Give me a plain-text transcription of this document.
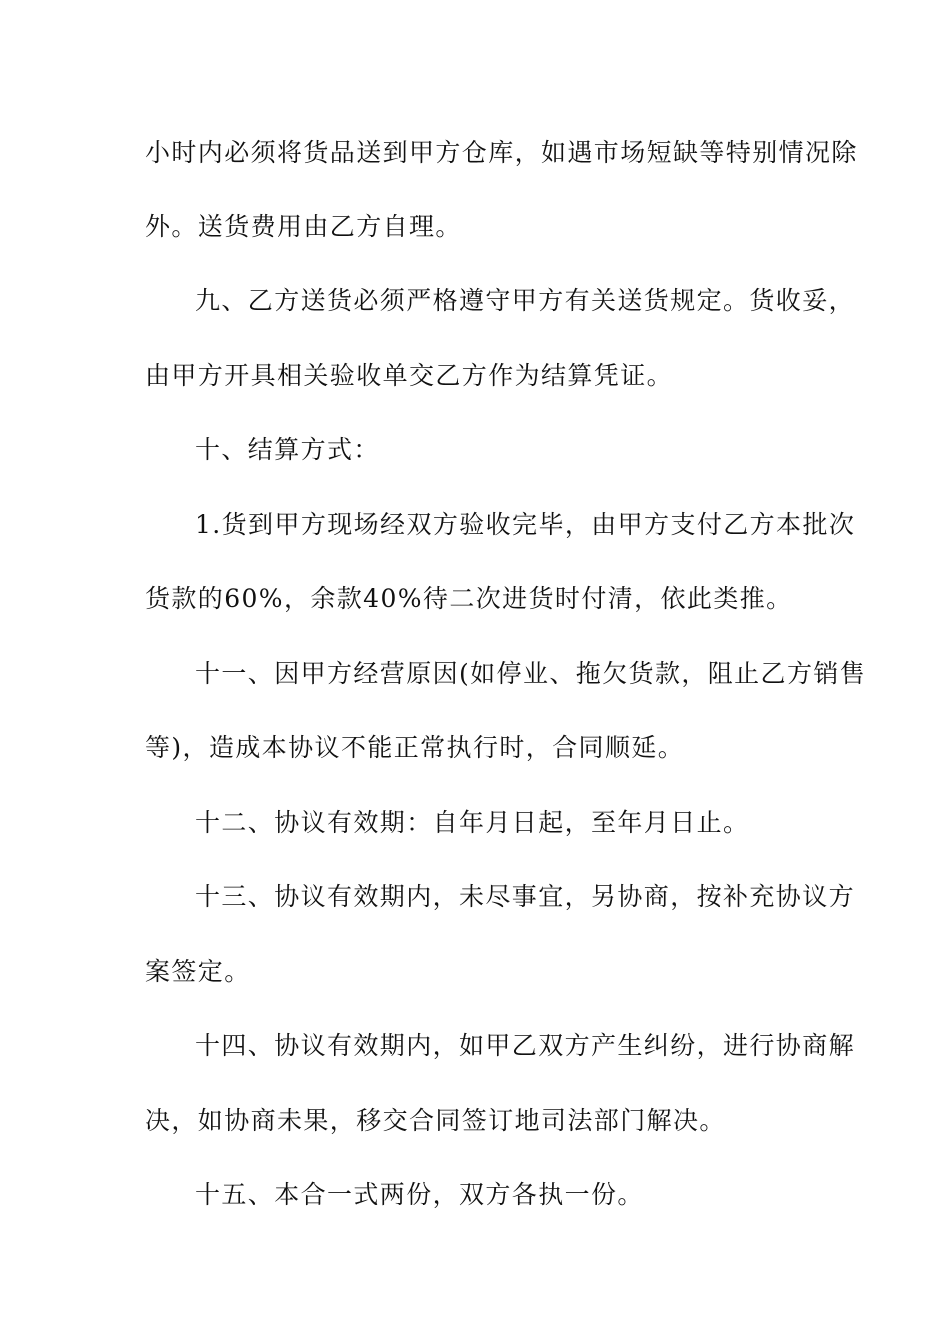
小时内必须将货品送到甲方仓库，如遇市场短缺等特别情况除
外。送货费用由乙方自理。
九、乙方送货必须严格遵守甲方有关送货规定。货收妥，
由甲方开具相关验收单交乙方作为结算凭证。
十、结算方式：
1.货到甲方现场经双方验收完毕，由甲方支付乙方本批次
货款的60%，余款40%待二次进货时付清，依此类推。
十一、因甲方经营原因(如停业、拖欠货款，阻止乙方销售
等)，造成本协议不能正常执行时，合同顺延。
十二、协议有效期：自年月日起，至年月日止。
十三、协议有效期内，未尽事宜，另协商，按补充协议方
案签定。
十四、协议有效期内，如甲乙双方产生纠纷，进行协商解
决，如协商未果，移交合同签订地司法部门解决。
十五、本合一式两份，双方各执一份。
